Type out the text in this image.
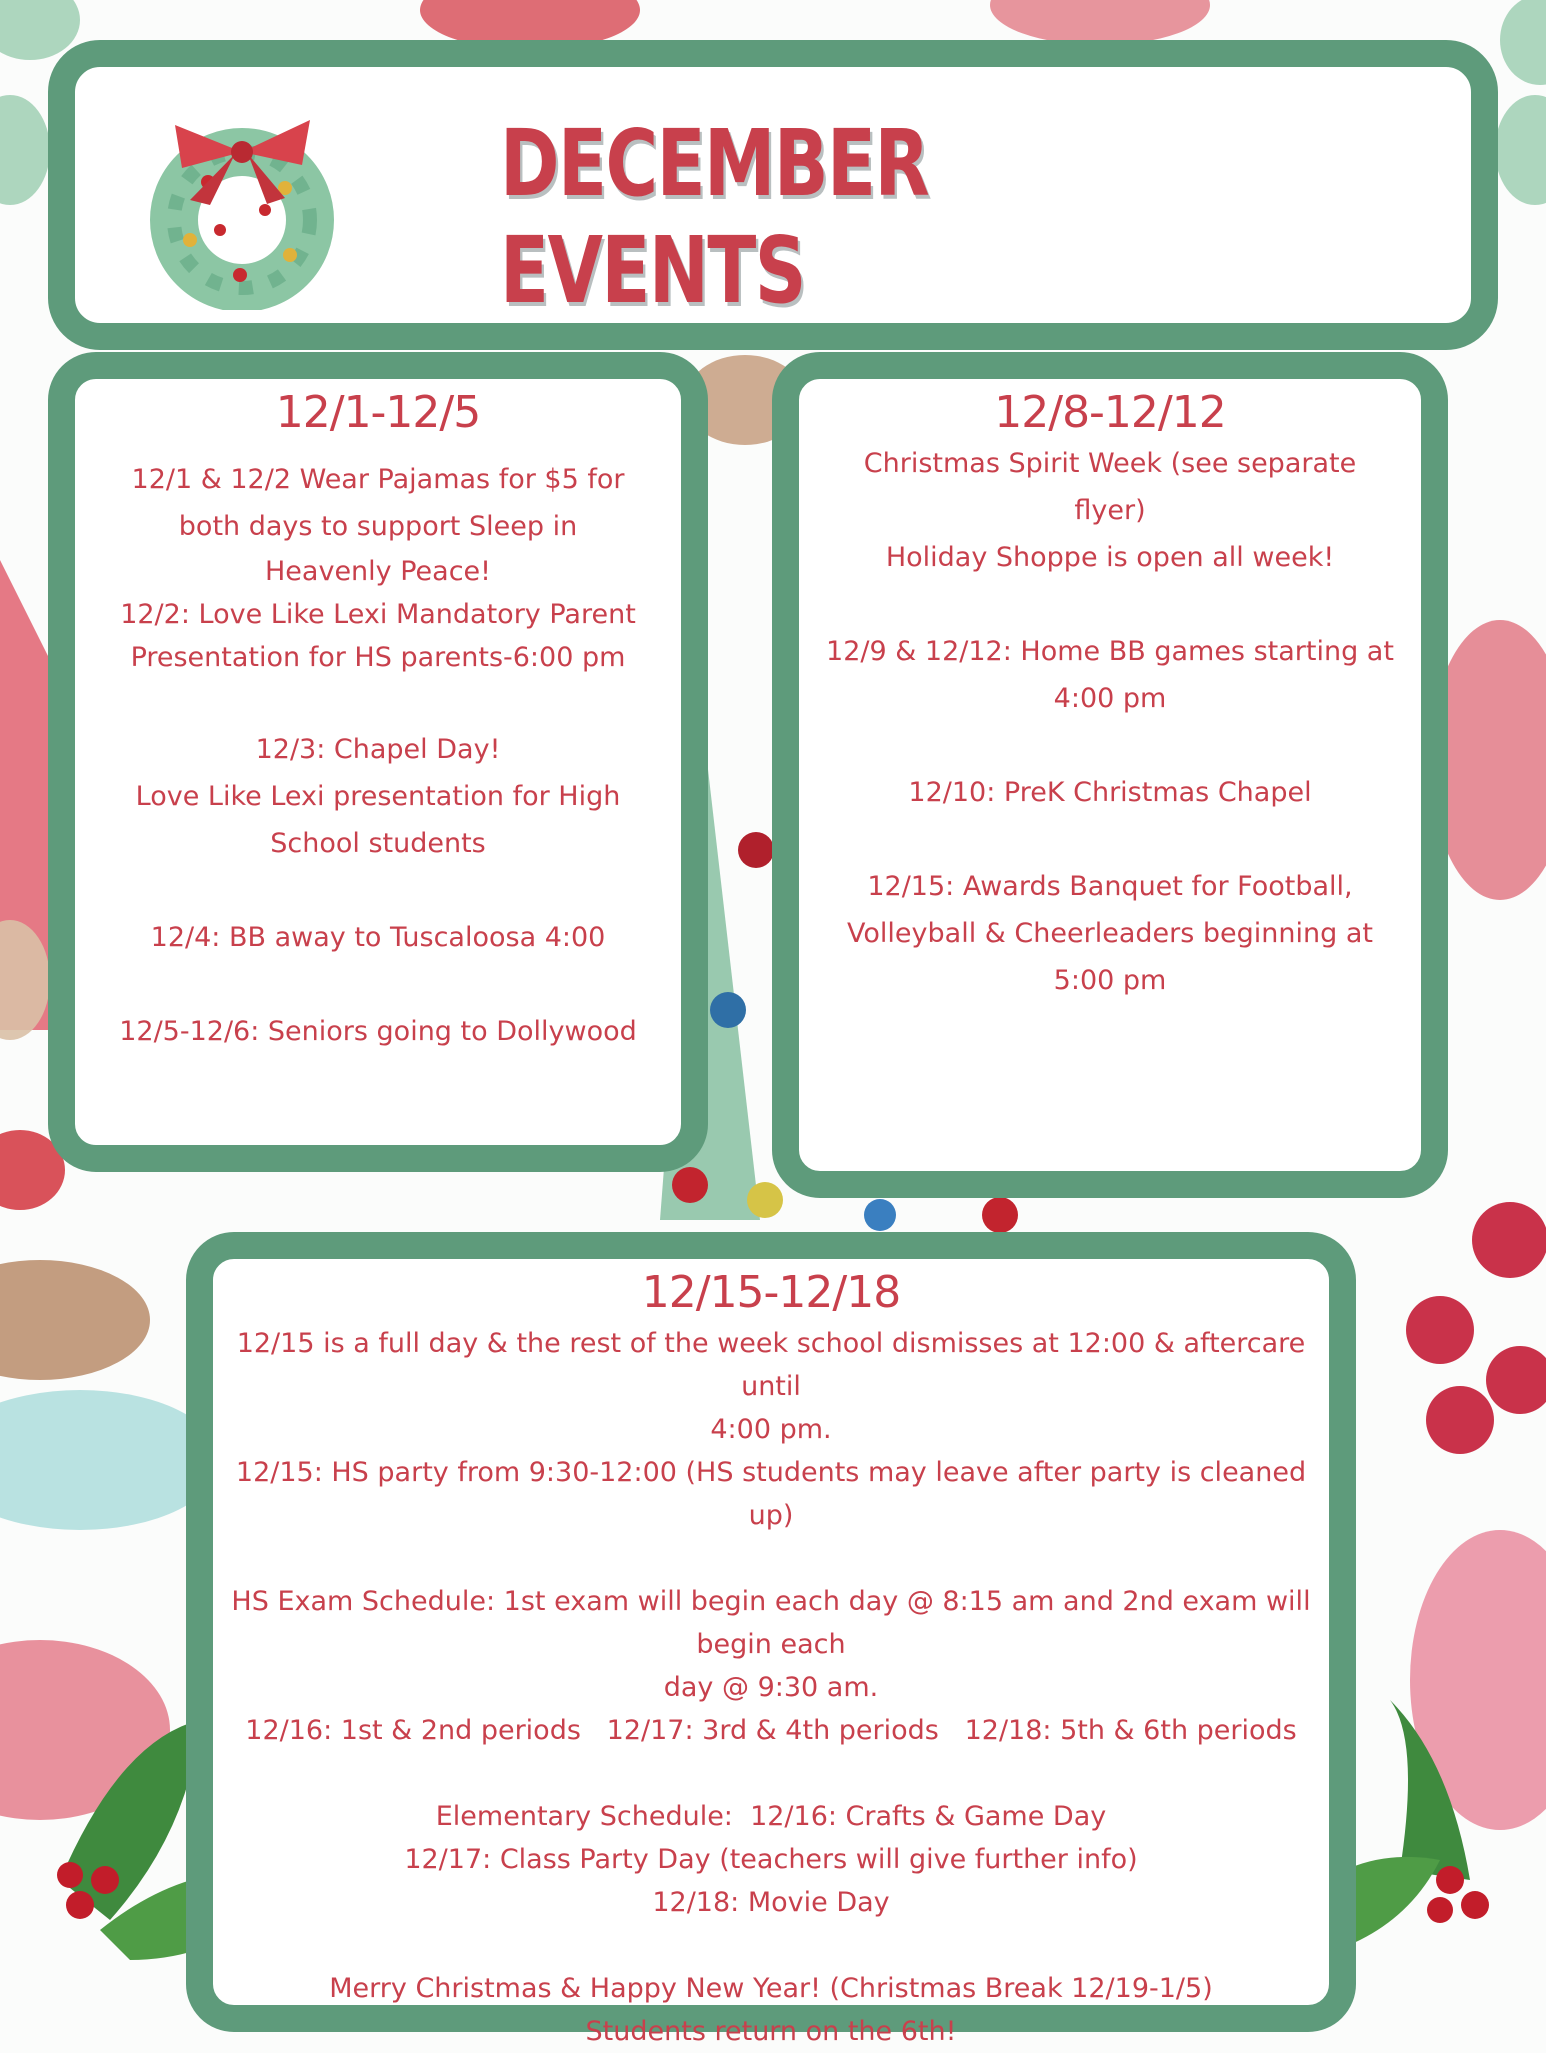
DECEMBER EVENTS
12/1-12/5

12/1 & 12/2 Wear Pajamas for $5 for

both days to support Sleep in

Heavenly Peace!

12/2: Love Like Lexi Mandatory Parent

Presentation for HS parents-6:00 pm

12/3: Chapel Day!

Love Like Lexi presentation for High

School students

12/4: BB away to Tuscaloosa 4:00

12/5-12/6: Seniors going to Dollywood

12/8-12/12

Christmas Spirit Week (see separate

flyer)

Holiday Shoppe is open all week!

12/9 & 12/12: Home BB games starting at

4:00 pm

12/10: PreK Christmas Chapel

12/15: Awards Banquet for Football,

Volleyball & Cheerleaders beginning at

5:00 pm

12/15-12/18

12/15 is a full day & the rest of the week school dismisses at 12:00 & aftercare until

4:00 pm.

12/15: HS party from 9:30-12:00 (HS students may leave after party is cleaned up)

HS Exam Schedule: 1st exam will begin each day @ 8:15 am and 2nd exam will begin each

day @ 9:30 am.

12/16: 1st & 2nd periods   12/17: 3rd & 4th periods   12/18: 5th & 6th periods

Elementary Schedule:  12/16: Crafts & Game Day

12/17: Class Party Day (teachers will give further info)

12/18: Movie Day

Merry Christmas & Happy New Year! (Christmas Break 12/19-1/5)

Students return on the 6th!
